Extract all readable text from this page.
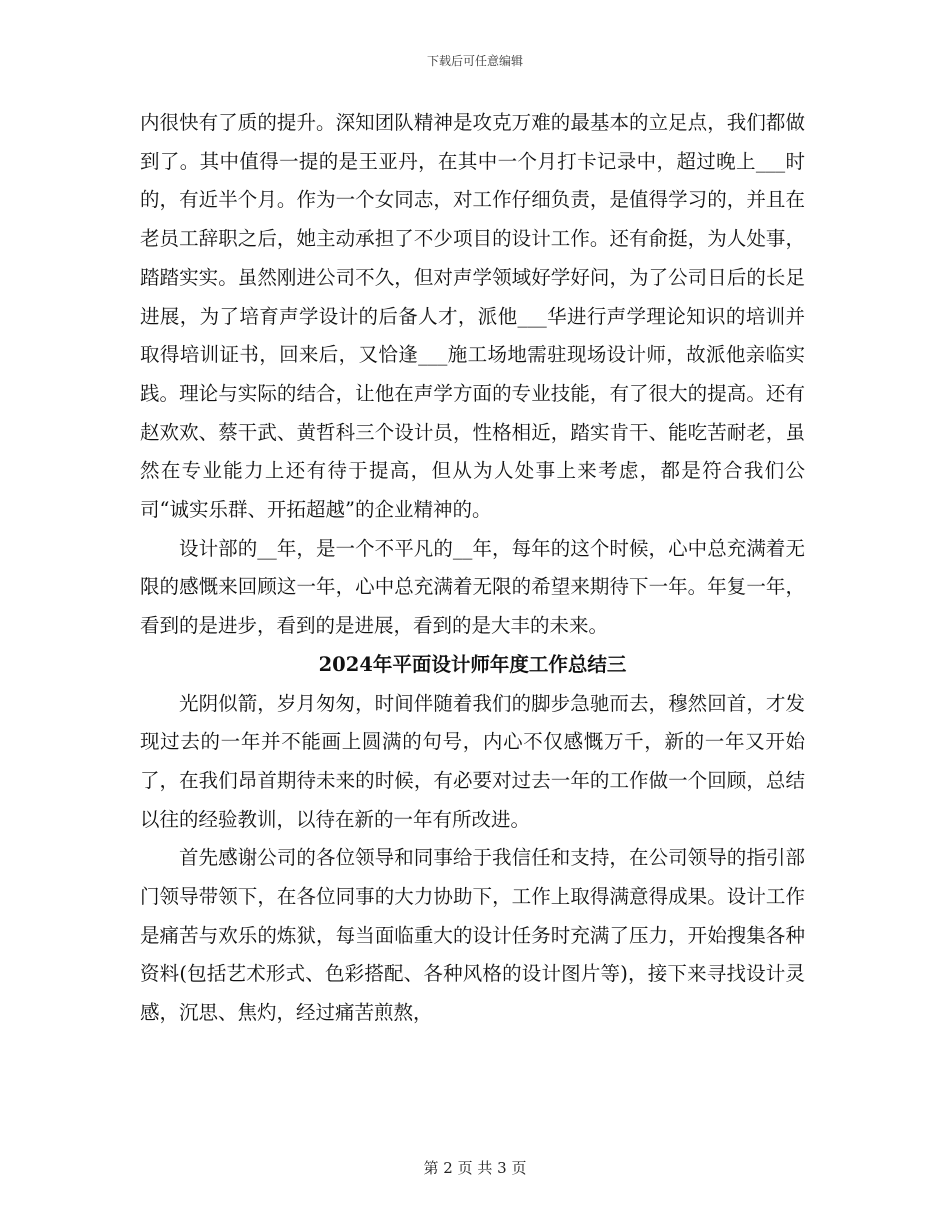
下载后可任意编辑

内很快有了质的提升。深知团队精神是攻克万难的最基本的立足点，我们都做到了。其中值得一提的是王亚丹，在其中一个月打卡记录中，超过晚上___时的，有近半个月。作为一个女同志，对工作仔细负责，是值得学习的，并且在老员工辞职之后，她主动承担了不少项目的设计工作。还有俞挺，为人处事，踏踏实实。虽然刚进公司不久，但对声学领域好学好问，为了公司日后的长足进展，为了培育声学设计的后备人才，派他___华进行声学理论知识的培训并取得培训证书，回来后，又恰逢___施工场地需驻现场设计师，故派他亲临实践。理论与实际的结合，让他在声学方面的专业技能，有了很大的提高。还有赵欢欢、蔡干武、黄哲科三个设计员，性格相近，踏实肯干、能吃苦耐老，虽然在专业能力上还有待于提高，但从为人处事上来考虑，都是符合我们公司“诚实乐群、开拓超越”的企业精神的。

设计部的__年，是一个不平凡的__年，每年的这个时候，心中总充满着无限的感慨来回顾这一年，心中总充满着无限的希望来期待下一年。年复一年，看到的是进步，看到的是进展，看到的是大丰的未来。

2024年平面设计师年度工作总结三

光阴似箭，岁月匆匆，时间伴随着我们的脚步急驰而去，穆然回首，才发现过去的一年并不能画上圆满的句号，内心不仅感慨万千，新的一年又开始了，在我们昂首期待未来的时候，有必要对过去一年的工作做一个回顾，总结以往的经验教训，以待在新的一年有所改进。

首先感谢公司的各位领导和同事给于我信任和支持，在公司领导的指引部门领导带领下，在各位同事的大力协助下，工作上取得满意得成果。设计工作是痛苦与欢乐的炼狱，每当面临重大的设计任务时充满了压力，开始搜集各种资料(包括艺术形式、色彩搭配、各种风格的设计图片等)，接下来寻找设计灵感，沉思、焦灼，经过痛苦煎熬，

第 2 页 共 3 页
